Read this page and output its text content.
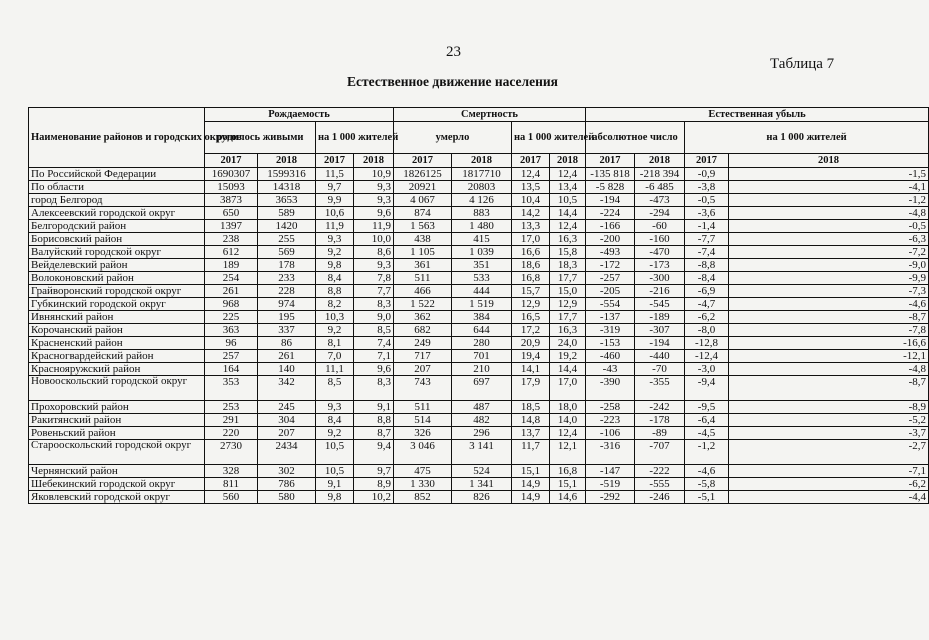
23
Таблица 7
Естественное движение населения
Наименование районов и городских округов	Рождаемость				Смертность				Естественная убыль			
	родилось живыми		на 1 000 жителей		умерло		на 1 000 жителей		абсолютное число		на 1 000 жителей	
	2017	2018	2017	2018	2017	2018	2017	2018	2017	2018	2017	2018
По Российской Федерации	1690307	1599316	11,5	10,9	1826125	1817710	12,4	12,4	-135 818	-218 394	-0,9	-1,5
По области	15093	14318	9,7	9,3	20921	20803	13,5	13,4	-5 828	-6 485	-3,8	-4,1
город Белгород	3873	3653	9,9	9,3	4 067	4 126	10,4	10,5	-194	-473	-0,5	-1,2
Алексеевский городской округ	650	589	10,6	9,6	874	883	14,2	14,4	-224	-294	-3,6	-4,8
Белгородский район	1397	1420	11,9	11,9	1 563	1 480	13,3	12,4	-166	-60	-1,4	-0,5
Борисовский район	238	255	9,3	10,0	438	415	17,0	16,3	-200	-160	-7,7	-6,3
Валуйский городской округ	612	569	9,2	8,6	1 105	1 039	16,6	15,8	-493	-470	-7,4	-7,2
Вейделевский район	189	178	9,8	9,3	361	351	18,6	18,3	-172	-173	-8,8	-9,0
Волоконовский район	254	233	8,4	7,8	511	533	16,8	17,7	-257	-300	-8,4	-9,9
Грайворонский городской округ	261	228	8,8	7,7	466	444	15,7	15,0	-205	-216	-6,9	-7,3
Губкинский городской округ	968	974	8,2	8,3	1 522	1 519	12,9	12,9	-554	-545	-4,7	-4,6
Ивнянский район	225	195	10,3	9,0	362	384	16,5	17,7	-137	-189	-6,2	-8,7
Корочанский район	363	337	9,2	8,5	682	644	17,2	16,3	-319	-307	-8,0	-7,8
Красненский район	96	86	8,1	7,4	249	280	20,9	24,0	-153	-194	-12,8	-16,6
Красногвардейский район	257	261	7,0	7,1	717	701	19,4	19,2	-460	-440	-12,4	-12,1
Краснояружский район	164	140	11,1	9,6	207	210	14,1	14,4	-43	-70	-3,0	-4,8
Новооскольский городской округ	353	342	8,5	8,3	743	697	17,9	17,0	-390	-355	-9,4	-8,7
Прохоровский район	253	245	9,3	9,1	511	487	18,5	18,0	-258	-242	-9,5	-8,9
Ракитянский район	291	304	8,4	8,8	514	482	14,8	14,0	-223	-178	-6,4	-5,2
Ровеньский район	220	207	9,2	8,7	326	296	13,7	12,4	-106	-89	-4,5	-3,7
Старооскольский городской округ	2730	2434	10,5	9,4	3 046	3 141	11,7	12,1	-316	-707	-1,2	-2,7
Чернянский район	328	302	10,5	9,7	475	524	15,1	16,8	-147	-222	-4,6	-7,1
Шебекинский городской округ	811	786	9,1	8,9	1 330	1 341	14,9	15,1	-519	-555	-5,8	-6,2
Яковлевский городской округ	560	580	9,8	10,2	852	826	14,9	14,6	-292	-246	-5,1	-4,4
